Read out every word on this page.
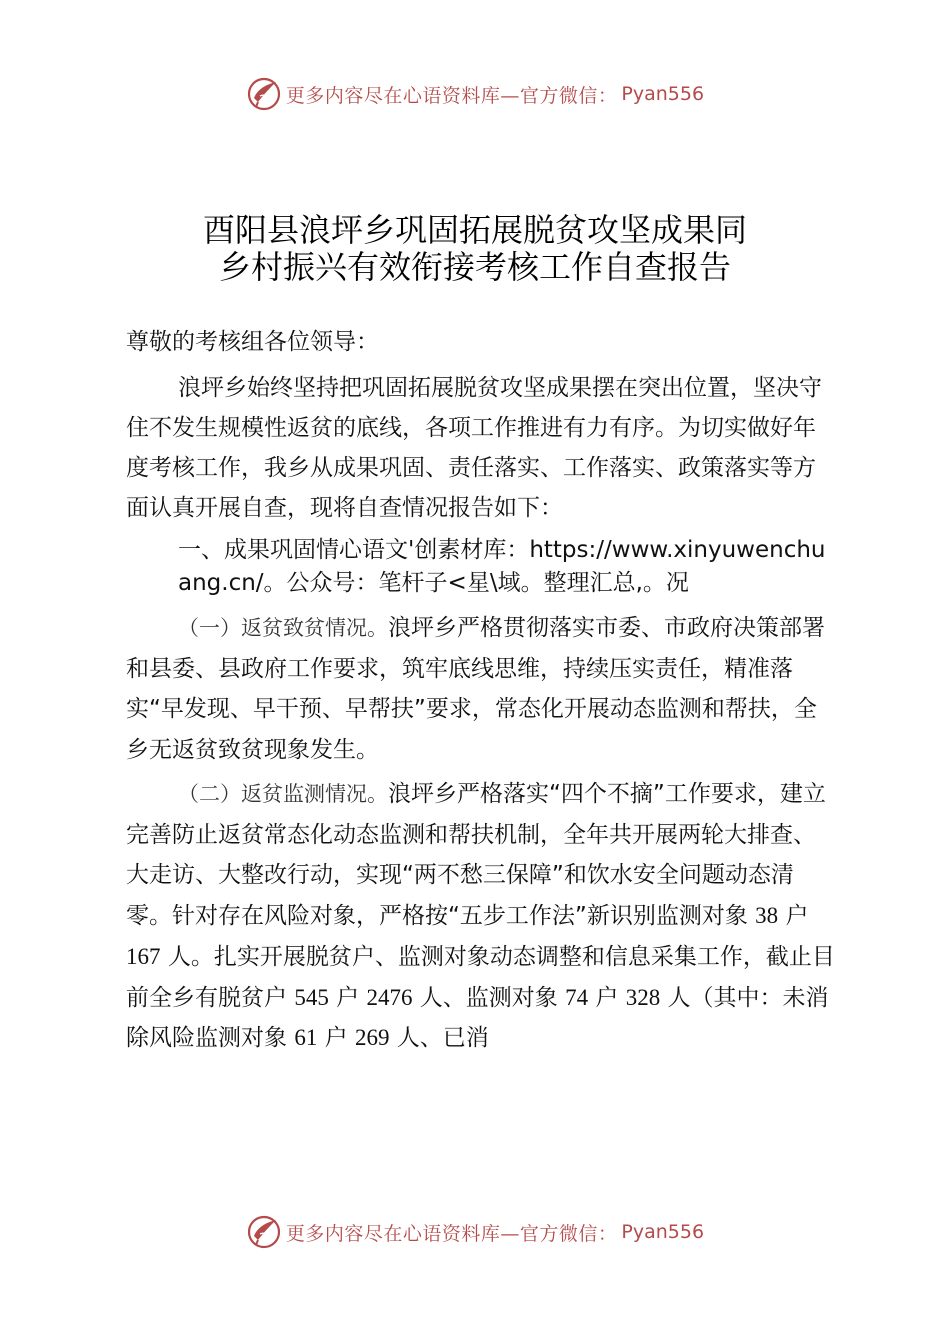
更多内容尽在心语资料库—官方微信： Pyan556
酉阳县浪坪乡巩固拓展脱贫攻坚成果同
乡村振兴有效衔接考核工作自查报告

尊敬的考核组各位领导：

浪坪乡始终坚持把巩固拓展脱贫攻坚成果摆在突出位置，坚决守住不发生规模性返贫的底线，各项工作推进有力有序。为切实做好年度考核工作，我乡从成果巩固、责任落实、工作落实、政策落实等方面认真开展自查，现将自查情况报告如下：

一、成果巩固情心语文'创素材库：https://www.xinyuwenchuang.cn/。公众号：笔杆子<星\域。整理汇总,。况

（一）返贫致贫情况。浪坪乡严格贯彻落实市委、市政府决策部署和县委、县政府工作要求，筑牢底线思维，持续压实责任，精准落实“早发现、早干预、早帮扶”要求，常态化开展动态监测和帮扶，全乡无返贫致贫现象发生。

（二）返贫监测情况。浪坪乡严格落实“四个不摘”工作要求，建立完善防止返贫常态化动态监测和帮扶机制，全年共开展两轮大排查、大走访、大整改行动，实现“两不愁三保障”和饮水安全问题动态清零。针对存在风险对象，严格按“五步工作法”新识别监测对象 38 户 167 人。扎实开展脱贫户、监测对象动态调整和信息采集工作，截止目前全乡有脱贫户 545 户 2476 人、监测对象 74 户 328 人（其中：未消除风险监测对象 61 户 269 人、已消

更多内容尽在心语资料库—官方微信： Pyan556
